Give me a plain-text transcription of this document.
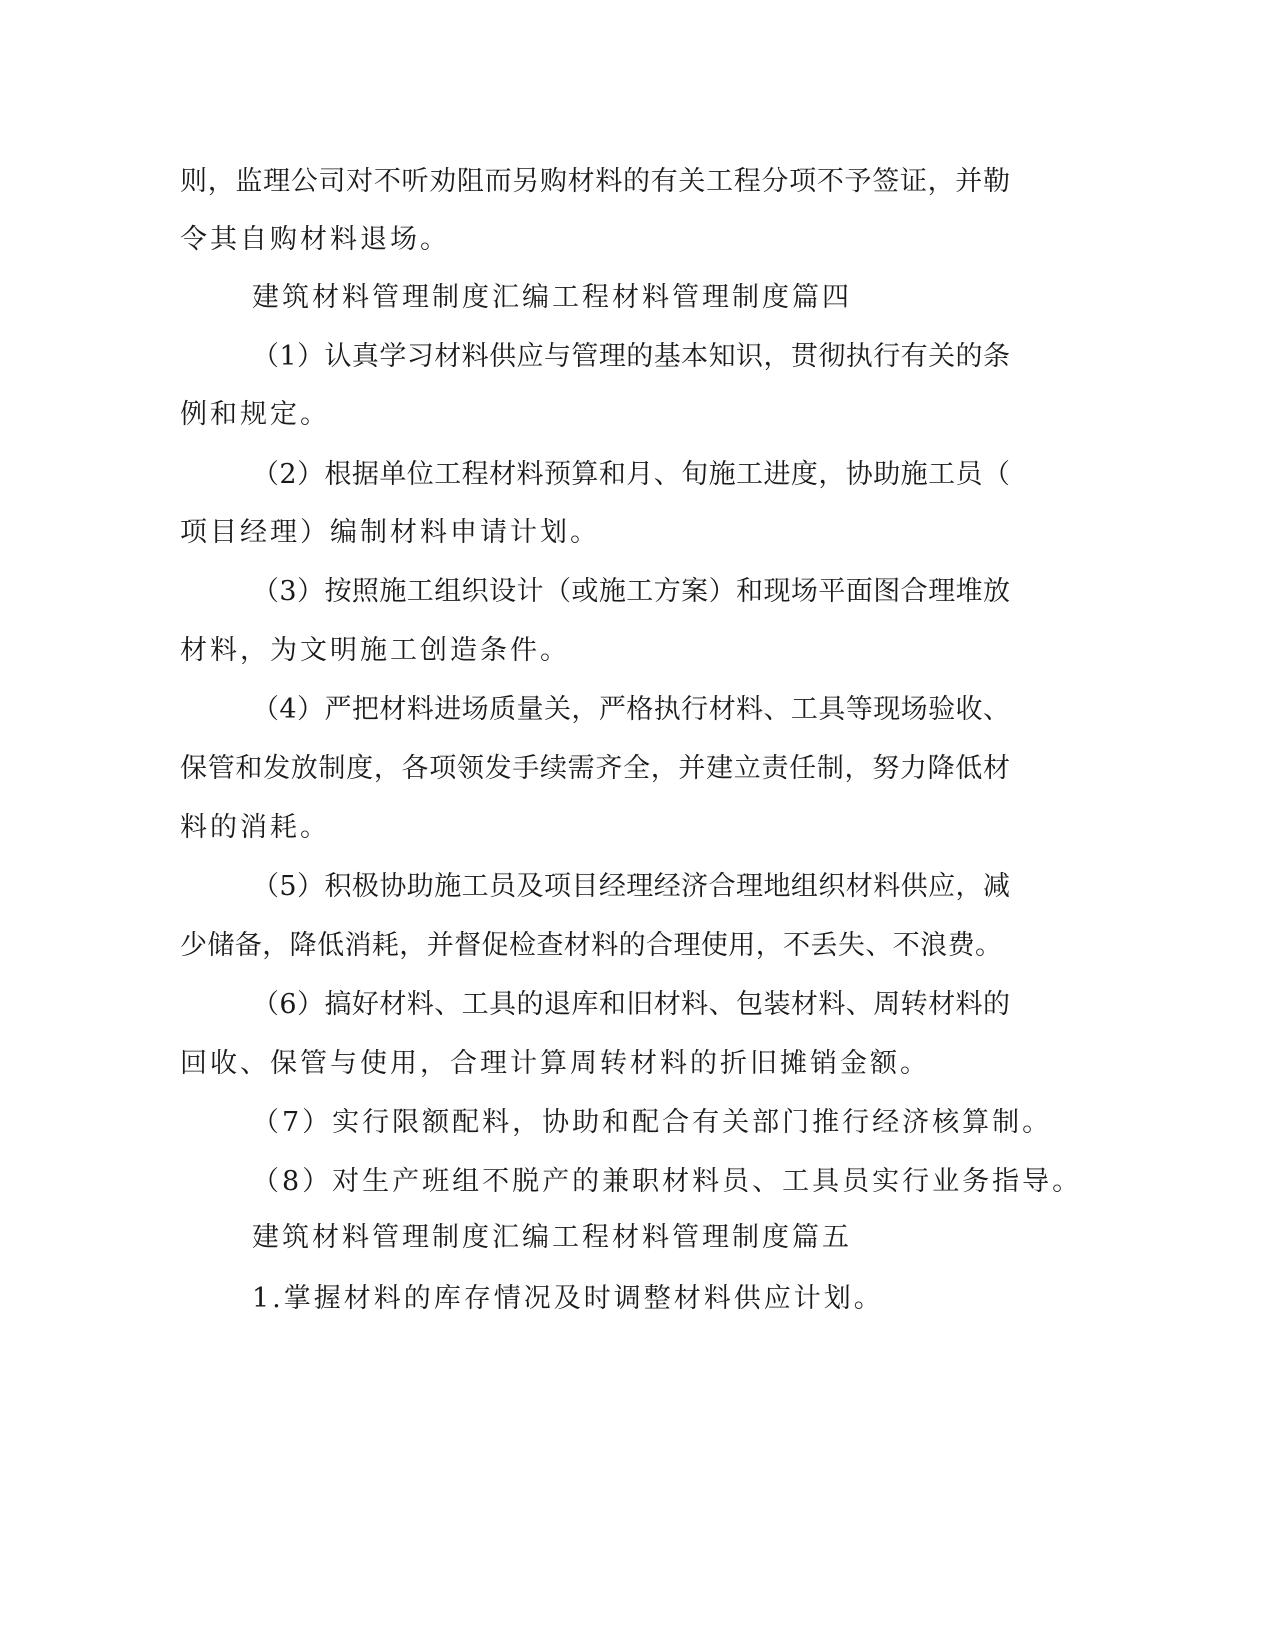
则，监理公司对不听劝阻而另购材料的有关工程分项不予签证，并勒
令其自购材料退场。
建筑材料管理制度汇编工程材料管理制度篇四
（1）认真学习材料供应与管理的基本知识，贯彻执行有关的条
例和规定。
（2）根据单位工程材料预算和月、旬施工进度，协助施工员（
项目经理）编制材料申请计划。
（3）按照施工组织设计（或施工方案）和现场平面图合理堆放
材料，为文明施工创造条件。
（4）严把材料进场质量关，严格执行材料、工具等现场验收、
保管和发放制度，各项领发手续需齐全，并建立责任制，努力降低材
料的消耗。
（5）积极协助施工员及项目经理经济合理地组织材料供应，减
少储备，降低消耗，并督促检查材料的合理使用，不丢失、不浪费。
（6）搞好材料、工具的退库和旧材料、包装材料、周转材料的
回收、保管与使用，合理计算周转材料的折旧摊销金额。
（7）实行限额配料，协助和配合有关部门推行经济核算制。
（8）对生产班组不脱产的兼职材料员、工具员实行业务指导。
建筑材料管理制度汇编工程材料管理制度篇五
1.掌握材料的库存情况及时调整材料供应计划。
